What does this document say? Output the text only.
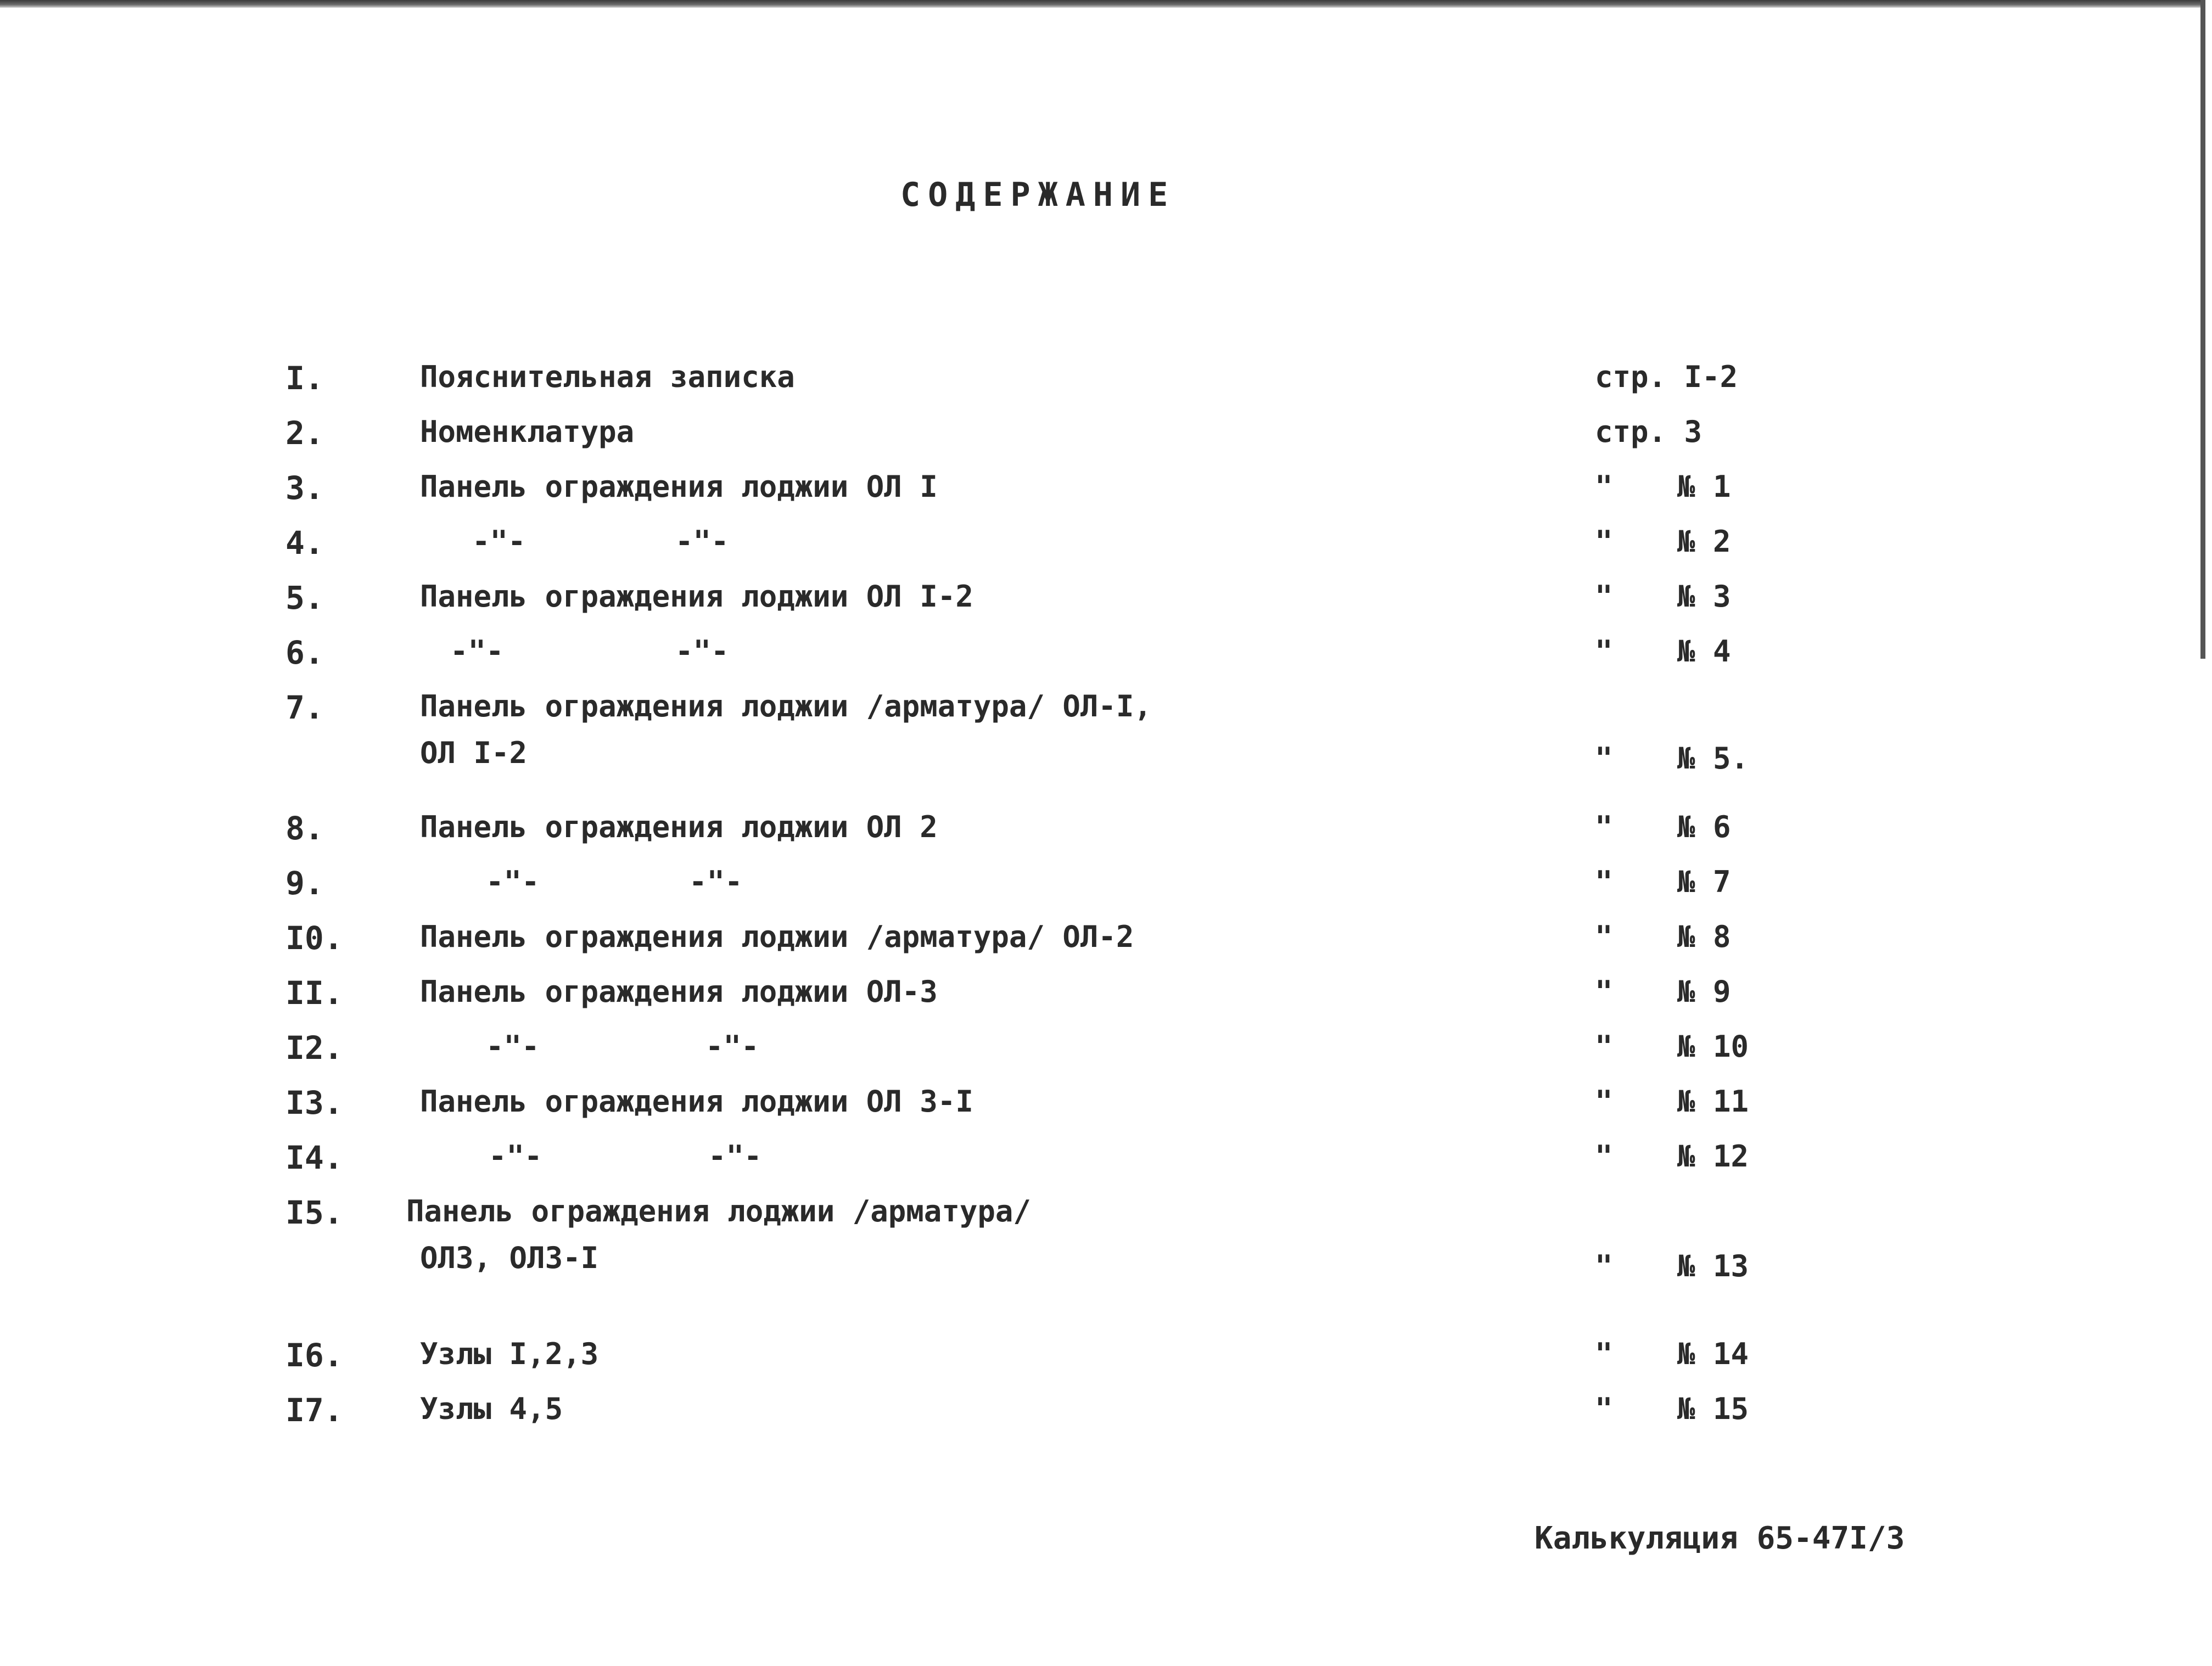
СОДЕРЖАНИЕ
I.	Пояснительная записка	стр. I-2
2.	Номенклатура	стр. 3
3.	Панель ограждения лоджии ОЛ I	" № 1
4.	-"-	-"-	" № 2
5.	Панель ограждения лоджии ОЛ I-2	" № 3
6.	-"-	-"-	" № 4
7.	Панель ограждения лоджии /арматура/ ОЛ-I,
ОЛ I-2	" № 5.
8.	Панель ограждения лоджии ОЛ 2	" № 6
9.	-"-	-"-	" № 7
I0.	Панель ограждения лоджии /арматура/ ОЛ-2	" № 8
II.	Панель ограждения лоджии ОЛ-3	" № 9
I2.	-"-	-"-	" № 10
I3.	Панель ограждения лоджии ОЛ 3-I	" № 11
I4.	-"-	-"-	" № 12
I5. Панель ограждения лоджии /арматура/
ОЛЗ, ОЛЗ-I	" № 13
I6.	Узлы I,2,3	" № 14
I7.	Узлы 4,5	" № 15
Калькуляция 65-47I/3
